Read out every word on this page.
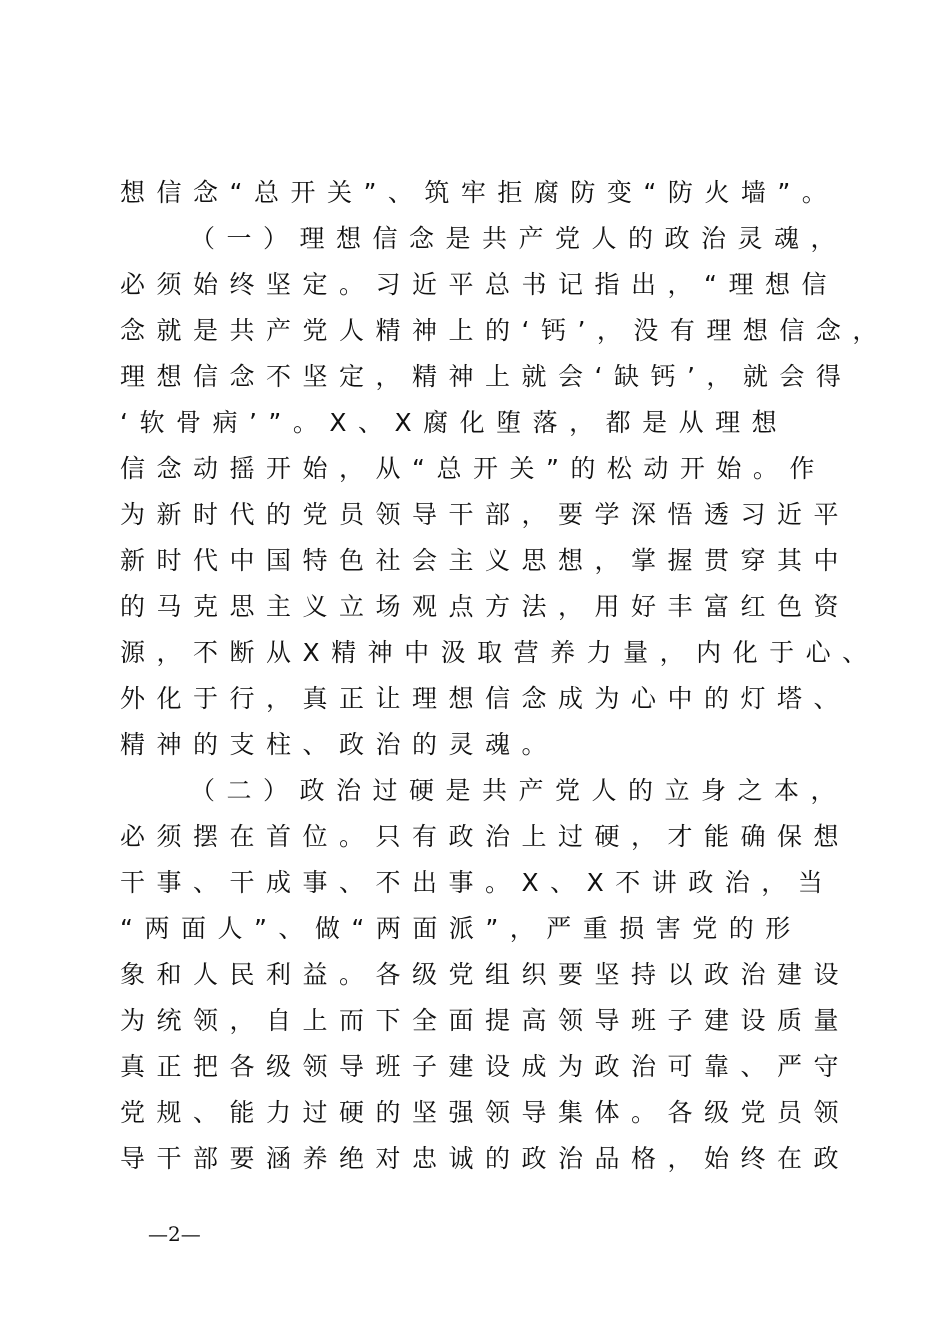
想信念“总开关”、筑牢拒腐防变“防火墙”。
（一）理想信念是共产党人的政治灵魂，
必须始终坚定。习近平总书记指出，“理想信
念就是共产党人精神上的‘钙’，没有理想信念，
理想信念不坚定，精神上就会‘缺钙’，就会得
‘软骨病’”。X、X腐化堕落，都是从理想
信念动摇开始，从“总开关”的松动开始。作
为新时代的党员领导干部，要学深悟透习近平
新时代中国特色社会主义思想，掌握贯穿其中
的马克思主义立场观点方法，用好丰富红色资
源，不断从X精神中汲取营养力量，内化于心、
外化于行，真正让理想信念成为心中的灯塔、
精神的支柱、政治的灵魂。
（二）政治过硬是共产党人的立身之本，
必须摆在首位。只有政治上过硬，才能确保想
干事、干成事、不出事。X、X不讲政治，当
“两面人”、做“两面派”，严重损害党的形
象和人民利益。各级党组织要坚持以政治建设
为统领，自上而下全面提高领导班子建设质量
真正把各级领导班子建设成为政治可靠、严守
党规、能力过硬的坚强领导集体。各级党员领
导干部要涵养绝对忠诚的政治品格，始终在政
—2—
